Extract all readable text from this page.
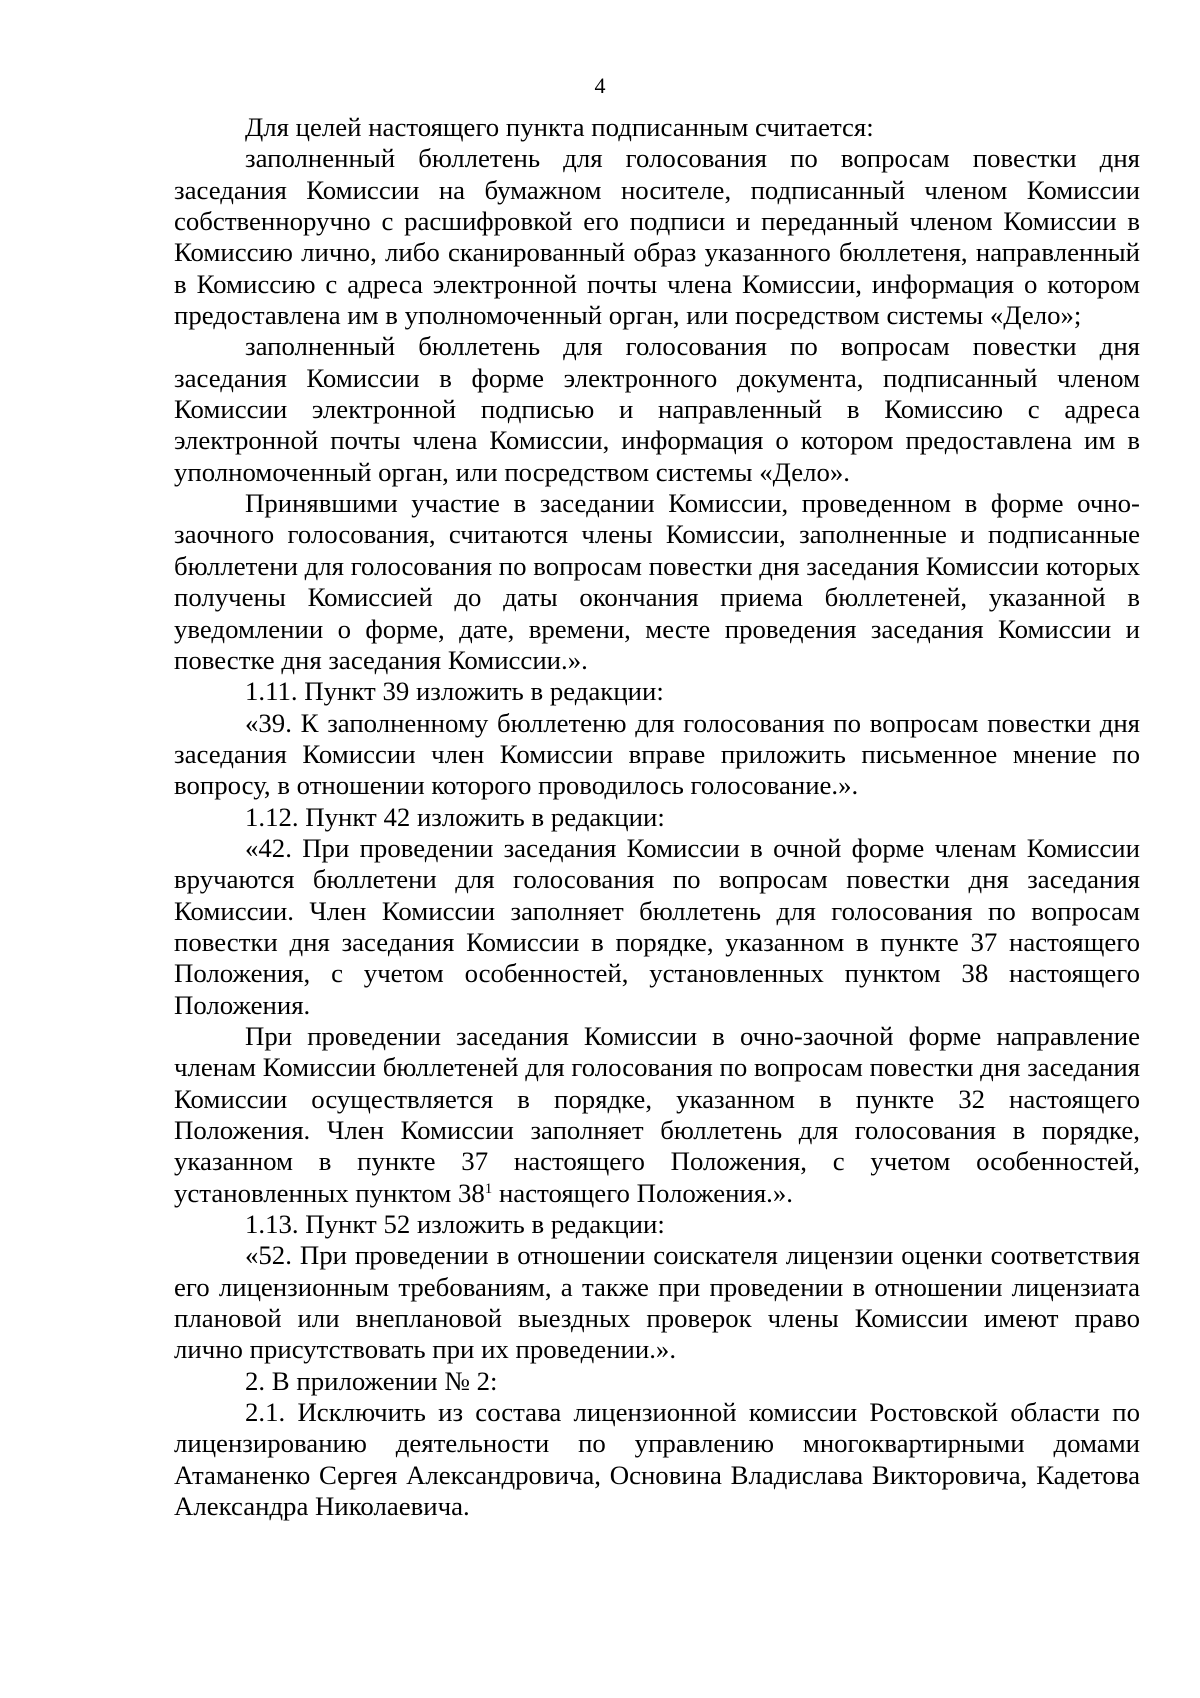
4

Для целей настоящего пункта подписанным считается:

заполненный бюллетень для голосования по вопросам повестки дня заседания Комиссии на бумажном носителе, подписанный членом Комиссии собственноручно с расшифровкой его подписи и переданный членом Комиссии в Комиссию лично, либо сканированный образ указанного бюллетеня, направленный в Комиссию с адреса электронной почты члена Комиссии, информация о котором предоставлена им в уполномоченный орган, или посредством системы «Дело»;

заполненный бюллетень для голосования по вопросам повестки дня заседания Комиссии в форме электронного документа, подписанный членом Комиссии электронной подписью и направленный в Комиссию с адреса электронной почты члена Комиссии, информация о котором предоставлена им в уполномоченный орган, или посредством системы «Дело».

Принявшими участие в заседании Комиссии, проведенном в форме очно-заочного голосования, считаются члены Комиссии, заполненные и подписанные бюллетени для голосования по вопросам повестки дня заседания Комиссии которых получены Комиссией до даты окончания приема бюллетеней, указанной в уведомлении о форме, дате, времени, месте проведения заседания Комиссии и повестке дня заседания Комиссии.».

1.11. Пункт 39 изложить в редакции:

«39. К заполненному бюллетеню для голосования по вопросам повестки дня заседания Комиссии член Комиссии вправе приложить письменное мнение по вопросу, в отношении которого проводилось голосование.».

1.12. Пункт 42 изложить в редакции:

«42. При проведении заседания Комиссии в очной форме членам Комиссии вручаются бюллетени для голосования по вопросам повестки дня заседания Комиссии. Член Комиссии заполняет бюллетень для голосования по вопросам повестки дня заседания Комиссии в порядке, указанном в пункте 37 настоящего Положения, с учетом особенностей, установленных пунктом 38 настоящего Положения.

При проведении заседания Комиссии в очно-заочной форме направление членам Комиссии бюллетеней для голосования по вопросам повестки дня заседания Комиссии осуществляется в порядке, указанном в пункте 32 настоящего Положения. Член Комиссии заполняет бюллетень для голосования в порядке, указанном в пункте 37 настоящего Положения, с учетом особенностей, установленных пунктом $38^1$ настоящего Положения.».

1.13. Пункт 52 изложить в редакции:

«52. При проведении в отношении соискателя лицензии оценки соответствия его лицензионным требованиям, а также при проведении в отношении лицензиата плановой или внеплановой выездных проверок члены Комиссии имеют право лично присутствовать при их проведении.».

2. В приложении № 2:

2.1. Исключить из состава лицензионной комиссии Ростовской области по лицензированию деятельности по управлению многоквартирными домами Атаманенко Сергея Александровича, Основина Владислава Викторовича, Кадетова Александра Николаевича.
